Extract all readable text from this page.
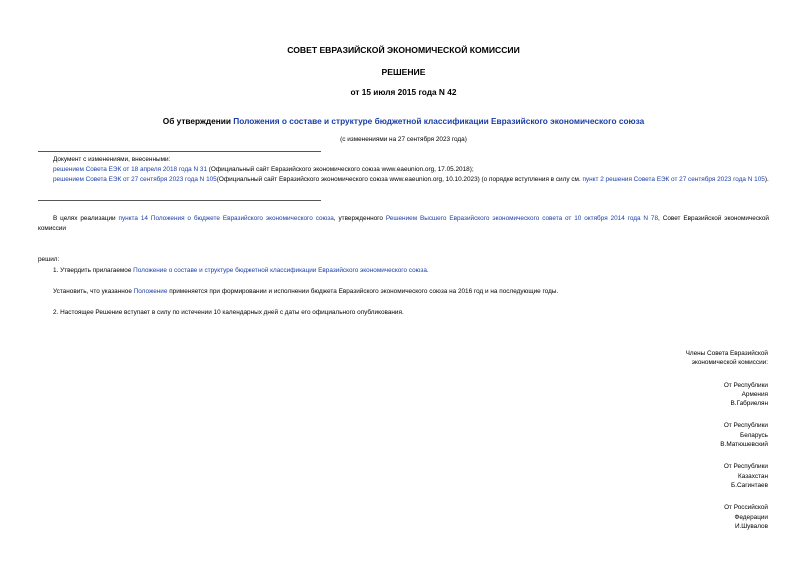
СОВЕТ ЕВРАЗИЙСКОЙ ЭКОНОМИЧЕСКОЙ КОМИССИИ
РЕШЕНИЕ
от 15 июля 2015 года N 42
Об утверждении Положения о составе и структуре бюджетной классификации Евразийского экономического союза
(с изменениями на 27 сентября 2023 года)
Документ с изменениями, внесенными:
решением Совета ЕЭК от 18 апреля 2018 года N 31 (Официальный сайт Евразийского экономического союза www.eaeunion.org, 17.05.2018);
решением Совета ЕЭК от 27 сентября 2023 года N 105(Официальный сайт Евразийского экономического союза www.eaeunion.org, 10.10.2023) (о порядке вступления в силу см. пункт 2 решения Совета ЕЭК от 27 сентября 2023 года N 105).
В целях реализации пункта 14 Положения о бюджете Евразийского экономического союза, утвержденного Решением Высшего Евразийского экономического совета от 10 октября 2014 года N 78, Совет Евразийской экономической комиссии
решил:
1. Утвердить прилагаемое Положение о составе и структуре бюджетной классификации Евразийского экономического союза.
Установить, что указанное Положение применяется при формировании и исполнении бюджета Евразийского экономического союза на 2016 год и на последующие годы.
2. Настоящее Решение вступает в силу по истечении 10 календарных дней с даты его официального опубликования.
Члены Совета Евразийской
экономической комиссии:
От Республики
Армения
В.Габриелян
От Республики
Беларусь
В.Матюшевский
От Республики
Казахстан
Б.Сагинтаев
От Российской
Федерации
И.Шувалов
